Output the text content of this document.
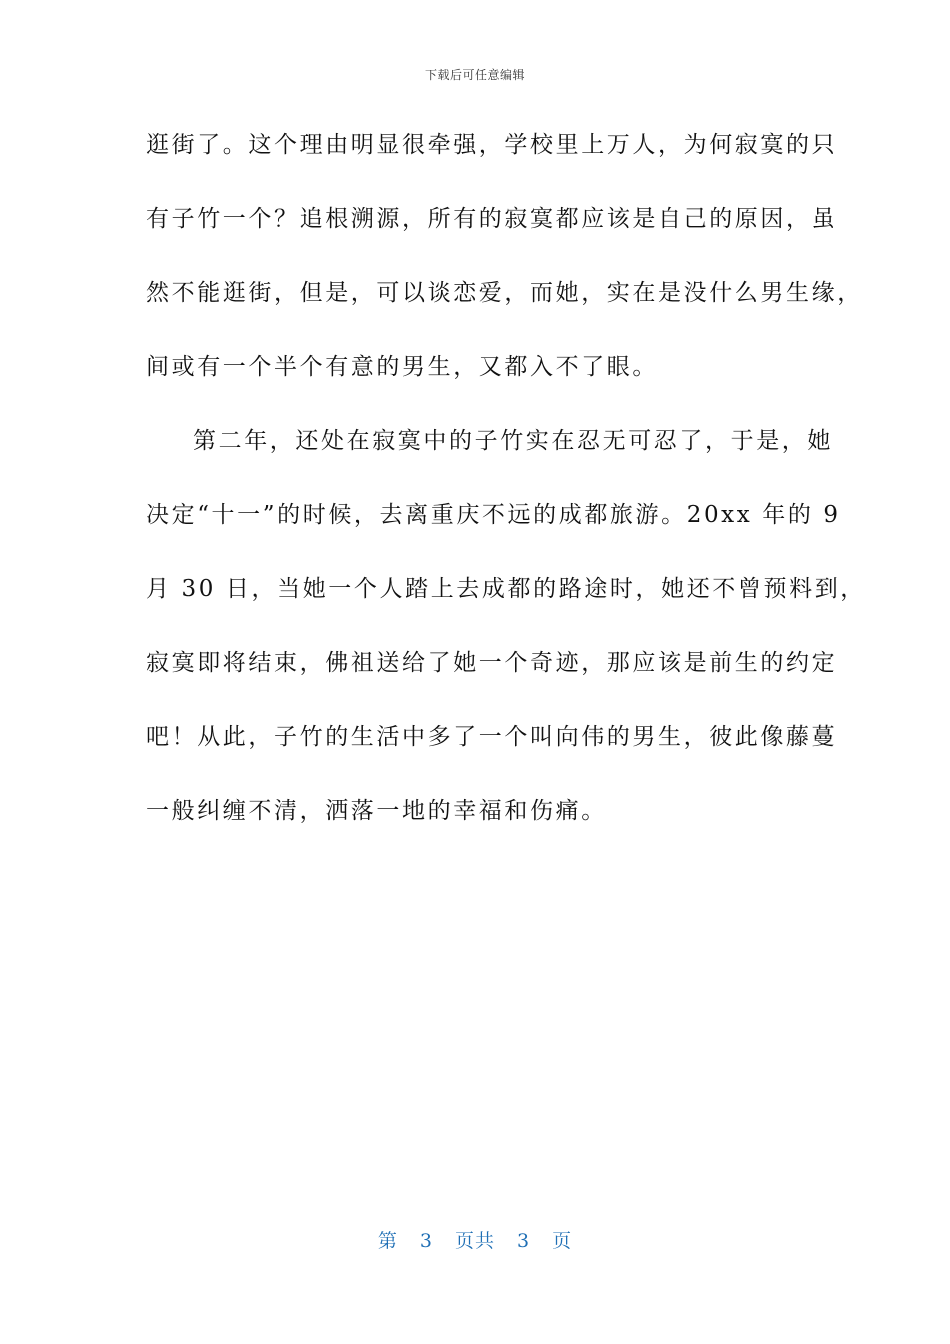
下载后可任意编辑
逛街了。这个理由明显很牵强，学校里上万人，为何寂寞的只
有子竹一个？追根溯源，所有的寂寞都应该是自己的原因，虽
然不能逛街，但是，可以谈恋爱，而她，实在是没什么男生缘，
间或有一个半个有意的男生，又都入不了眼。
第二年，还处在寂寞中的子竹实在忍无可忍了，于是，她
决定“十一”的时候，去离重庆不远的成都旅游。20xx 年的 9
月 30 日，当她一个人踏上去成都的路途时，她还不曾预料到，
寂寞即将结束，佛祖送给了她一个奇迹，那应该是前生的约定
吧！从此，子竹的生活中多了一个叫向伟的男生，彼此像藤蔓
一般纠缠不清，洒落一地的幸福和伤痛。
第 3 页共 3 页
